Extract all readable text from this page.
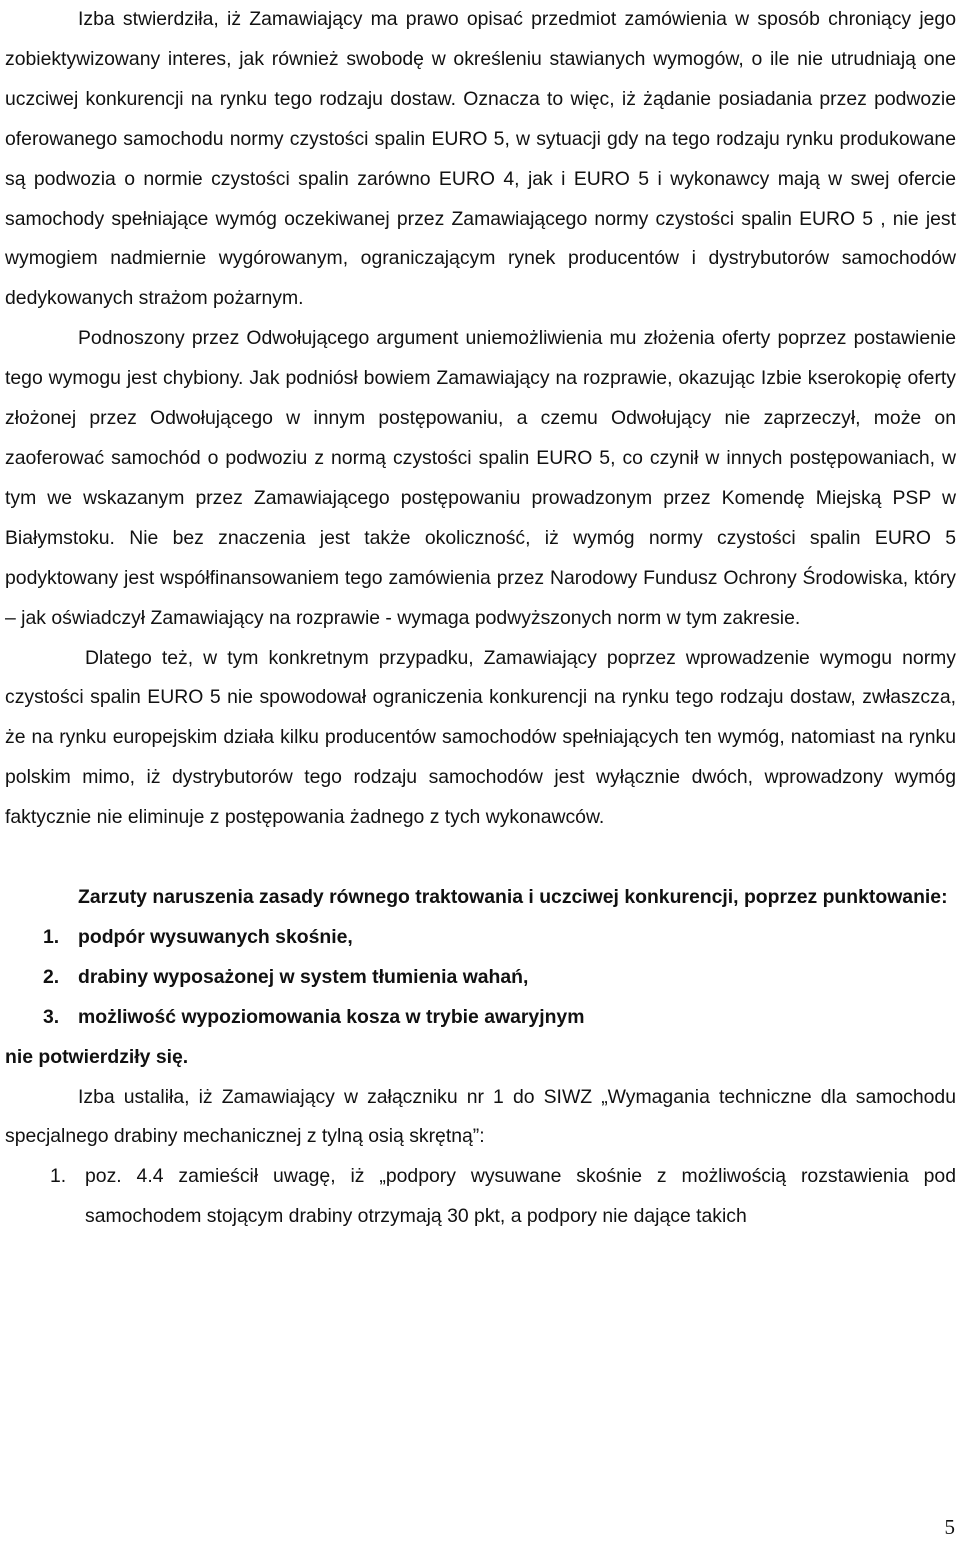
Izba stwierdziła, iż Zamawiający ma prawo opisać przedmiot zamówienia w sposób chroniący jego zobiektywizowany interes, jak również swobodę w określeniu stawianych wymogów, o ile nie utrudniają one uczciwej konkurencji na rynku tego rodzaju dostaw. Oznacza to więc, iż żądanie posiadania przez podwozie oferowanego samochodu normy czystości spalin EURO 5, w sytuacji gdy na tego rodzaju rynku produkowane są podwozia o normie czystości spalin zarówno EURO 4, jak i EURO 5 i wykonawcy mają w swej ofercie samochody spełniające wymóg oczekiwanej przez Zamawiającego normy czystości spalin EURO 5 , nie jest wymogiem nadmiernie wygórowanym, ograniczającym rynek producentów i dystrybutorów samochodów dedykowanych strażom pożarnym.

Podnoszony przez Odwołującego argument uniemożliwienia mu złożenia oferty poprzez postawienie tego wymogu jest chybiony. Jak podniósł bowiem Zamawiający na rozprawie, okazując Izbie kserokopię oferty złożonej przez Odwołującego w innym postępowaniu, a czemu Odwołujący nie zaprzeczył, może on zaoferować samochód o podwoziu z normą czystości spalin EURO 5, co czynił w innych postępowaniach, w tym we wskazanym przez Zamawiającego postępowaniu prowadzonym przez Komendę Miejską PSP w Białymstoku. Nie bez znaczenia jest także okoliczność, iż wymóg normy czystości spalin EURO 5 podyktowany jest współfinansowaniem tego zamówienia przez Narodowy Fundusz Ochrony Środowiska, który – jak oświadczył Zamawiający na rozprawie - wymaga podwyższonych norm w tym zakresie.

Dlatego też, w tym konkretnym przypadku, Zamawiający poprzez wprowadzenie wymogu normy czystości spalin EURO 5 nie spowodował ograniczenia konkurencji na rynku tego rodzaju dostaw, zwłaszcza, że na rynku europejskim działa kilku producentów samochodów spełniających ten wymóg, natomiast na rynku polskim mimo, iż dystrybutorów tego rodzaju samochodów jest wyłącznie dwóch, wprowadzony wymóg faktycznie nie eliminuje z postępowania żadnego z tych wykonawców.

Zarzuty naruszenia zasady równego traktowania i uczciwej konkurencji, poprzez punktowanie:

1. podpór wysuwanych skośnie,
2. drabiny wyposażonej w system tłumienia wahań,
3. możliwość wypoziomowania kosza w trybie awaryjnym

nie potwierdziły się.

Izba ustaliła, iż Zamawiający w załączniku nr 1 do SIWZ „Wymagania techniczne dla samochodu specjalnego drabiny mechanicznej z tylną osią skrętną”:

1. poz. 4.4 zamieścił uwagę, iż „podpory wysuwane skośnie z możliwością rozstawienia pod samochodem stojącym drabiny otrzymają 30 pkt, a podpory nie dające takich
5
